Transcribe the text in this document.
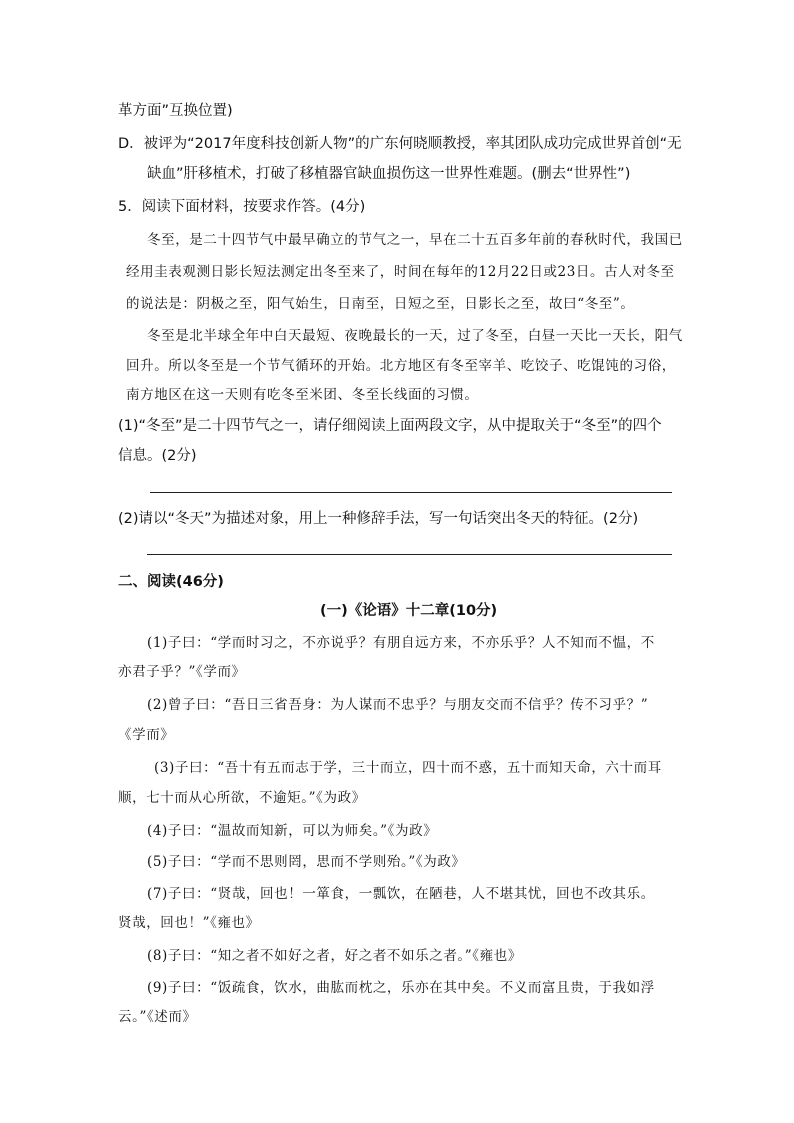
革方面”互换位置)
D．被评为“2017年度科技创新人物”的广东何晓顺教授，率其团队成功完成世界首创“无
缺血”肝移植术，打破了移植器官缺血损伤这一世界性难题。(删去“世界性”)
5．阅读下面材料，按要求作答。(4分)
冬至，是二十四节气中最早确立的节气之一，早在二十五百多年前的春秋时代，我国已
经用圭表观测日影长短法测定出冬至来了，时间在每年的12月22日或23日。古人对冬至
的说法是：阴极之至，阳气始生，日南至，日短之至，日影长之至，故曰“冬至”。
冬至是北半球全年中白天最短、夜晚最长的一天，过了冬至，白昼一天比一天长，阳气
回升。所以冬至是一个节气循环的开始。北方地区有冬至宰羊、吃饺子、吃馄饨的习俗，
南方地区在这一天则有吃冬至米团、冬至长线面的习惯。
(1)“冬至”是二十四节气之一，请仔细阅读上面两段文字，从中提取关于“冬至”的四个
信息。(2分)
(2)请以“冬天”为描述对象，用上一种修辞手法，写一句话突出冬天的特征。(2分)
二、阅读(46分)
(一)《论语》十二章(10分)
(1)子曰：“学而时习之，不亦说乎？有朋自远方来，不亦乐乎？人不知而不愠，不
亦君子乎？”《学而》
(2)曾子曰：“吾日三省吾身：为人谋而不忠乎？与朋友交而不信乎？传不习乎？”
《学而》
(3)子曰：“吾十有五而志于学，三十而立，四十而不惑，五十而知天命，六十而耳
顺，七十而从心所欲，不逾矩。”《为政》
(4)子曰：“温故而知新，可以为师矣。”《为政》
(5)子曰：“学而不思则罔，思而不学则殆。”《为政》
(7)子曰：“贤哉，回也！一箪食，一瓢饮，在陋巷，人不堪其忧，回也不改其乐。
贤哉，回也！”《雍也》
(8)子曰：“知之者不如好之者，好之者不如乐之者。”《雍也》
(9)子曰：“饭疏食，饮水，曲肱而枕之，乐亦在其中矣。不义而富且贵，于我如浮
云。”《述而》
